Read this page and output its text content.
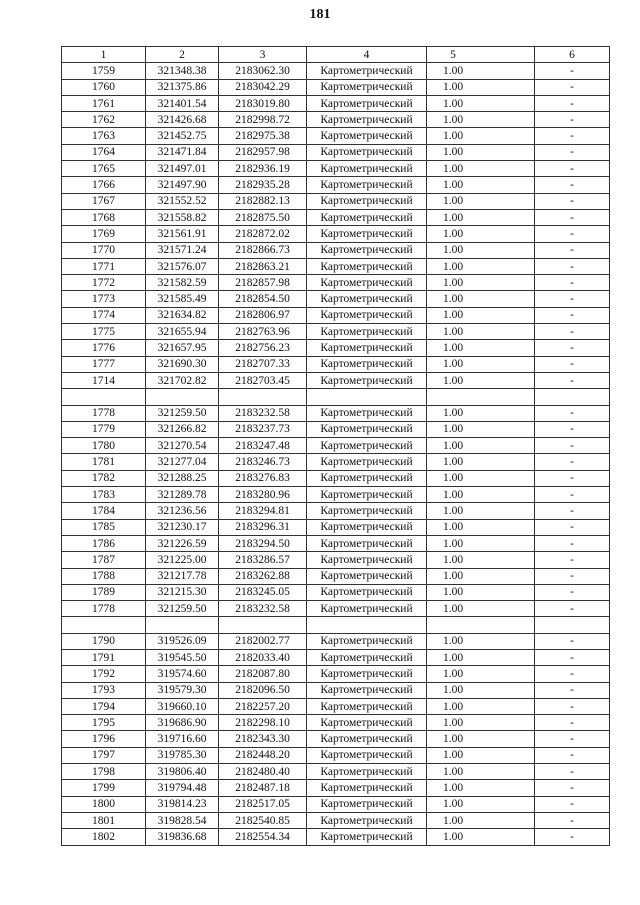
181
1	2	3	4	5	6
1759	321348.38	2183062.30	Картометрический	1.00	-
1760	321375.86	2183042.29	Картометрический	1.00	-
1761	321401.54	2183019.80	Картометрический	1.00	-
1762	321426.68	2182998.72	Картометрический	1.00	-
1763	321452.75	2182975.38	Картометрический	1.00	-
1764	321471.84	2182957.98	Картометрический	1.00	-
1765	321497.01	2182936.19	Картометрический	1.00	-
1766	321497.90	2182935.28	Картометрический	1.00	-
1767	321552.52	2182882.13	Картометрический	1.00	-
1768	321558.82	2182875.50	Картометрический	1.00	-
1769	321561.91	2182872.02	Картометрический	1.00	-
1770	321571.24	2182866.73	Картометрический	1.00	-
1771	321576.07	2182863.21	Картометрический	1.00	-
1772	321582.59	2182857.98	Картометрический	1.00	-
1773	321585.49	2182854.50	Картометрический	1.00	-
1774	321634.82	2182806.97	Картометрический	1.00	-
1775	321655.94	2182763.96	Картометрический	1.00	-
1776	321657.95	2182756.23	Картометрический	1.00	-
1777	321690.30	2182707.33	Картометрический	1.00	-
1714	321702.82	2182703.45	Картометрический	1.00	-

1778	321259.50	2183232.58	Картометрический	1.00	-
1779	321266.82	2183237.73	Картометрический	1.00	-
1780	321270.54	2183247.48	Картометрический	1.00	-
1781	321277.04	2183246.73	Картометрический	1.00	-
1782	321288.25	2183276.83	Картометрический	1.00	-
1783	321289.78	2183280.96	Картометрический	1.00	-
1784	321236.56	2183294.81	Картометрический	1.00	-
1785	321230.17	2183296.31	Картометрический	1.00	-
1786	321226.59	2183294.50	Картометрический	1.00	-
1787	321225.00	2183286.57	Картометрический	1.00	-
1788	321217.78	2183262.88	Картометрический	1.00	-
1789	321215.30	2183245.05	Картометрический	1.00	-
1778	321259.50	2183232.58	Картометрический	1.00	-

1790	319526.09	2182002.77	Картометрический	1.00	-
1791	319545.50	2182033.40	Картометрический	1.00	-
1792	319574.60	2182087.80	Картометрический	1.00	-
1793	319579.30	2182096.50	Картометрический	1.00	-
1794	319660.10	2182257.20	Картометрический	1.00	-
1795	319686.90	2182298.10	Картометрический	1.00	-
1796	319716.60	2182343.30	Картометрический	1.00	-
1797	319785.30	2182448.20	Картометрический	1.00	-
1798	319806.40	2182480.40	Картометрический	1.00	-
1799	319794.48	2182487.18	Картометрический	1.00	-
1800	319814.23	2182517.05	Картометрический	1.00	-
1801	319828.54	2182540.85	Картометрический	1.00	-
1802	319836.68	2182554.34	Картометрический	1.00	-
